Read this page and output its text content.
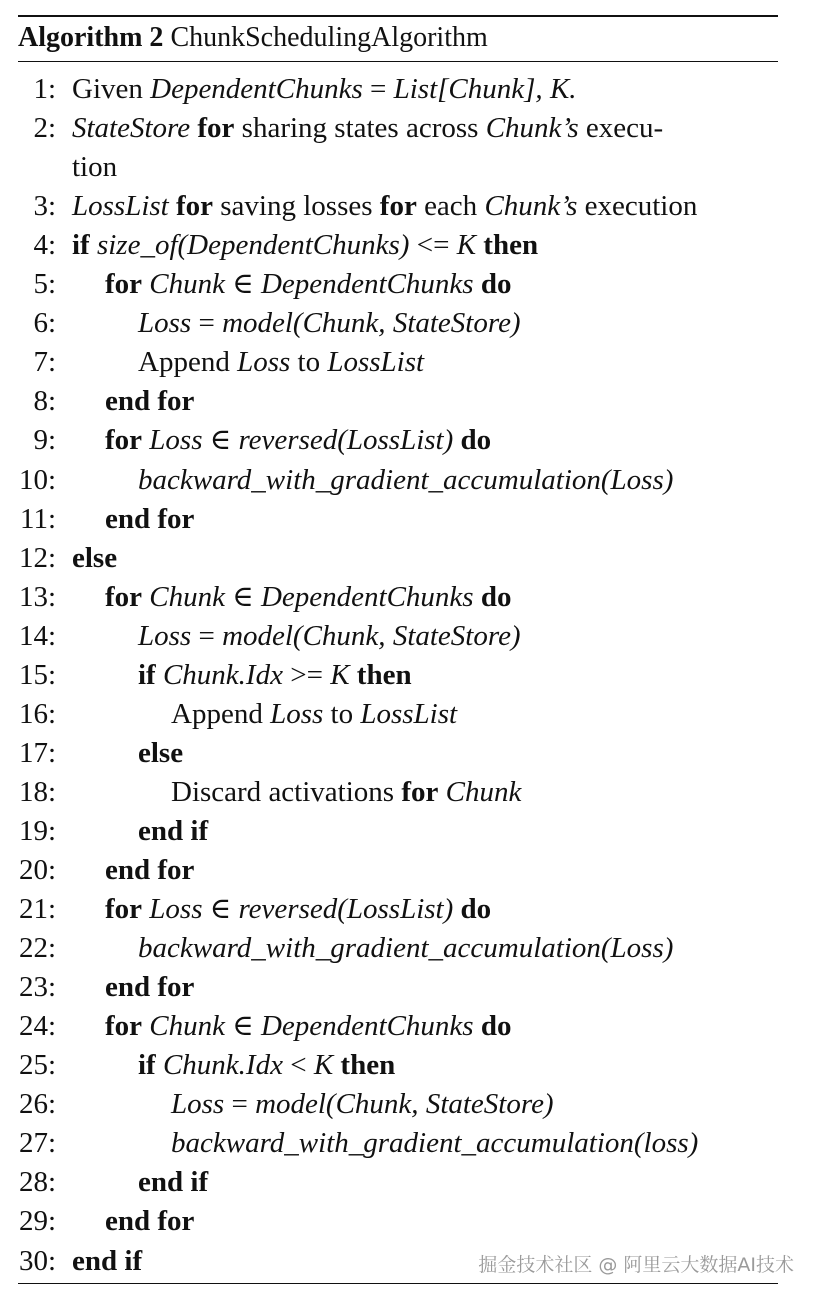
Algorithm 2 ChunkSchedulingAlgorithm
1: Given DependentChunks = List[Chunk], K.
2: StateStore for sharing states across Chunk’s execu-
tion
3: LossList for saving losses for each Chunk’s execution
4: if size_of(DependentChunks) <= K then
5: for Chunk ∈ DependentChunks do
6:	Loss = model(Chunk, StateStore)
7:	Append Loss to LossList
8: end for
9: for Loss ∈ reversed(LossList) do
10:	backward_with_gradient_accumulation(Loss)
11: end for
12: else
13: for Chunk ∈ DependentChunks do
14:	Loss = model(Chunk, StateStore)
15:	if Chunk.Idx >= K then
16:	Append Loss to LossList
17:	else
18:	Discard activations for Chunk
19:	end if
20: end for
21: for Loss ∈ reversed(LossList) do
22:	backward_with_gradient_accumulation(Loss)
23: end for
24: for Chunk ∈ DependentChunks do
25:	if Chunk.Idx < K then
26:	Loss = model(Chunk, StateStore)
27:	backward_with_gradient_accumulation(loss)
28:	end if
29: end for
30: end if	掘金技术社区 @ 阿里云大数据AI技术
